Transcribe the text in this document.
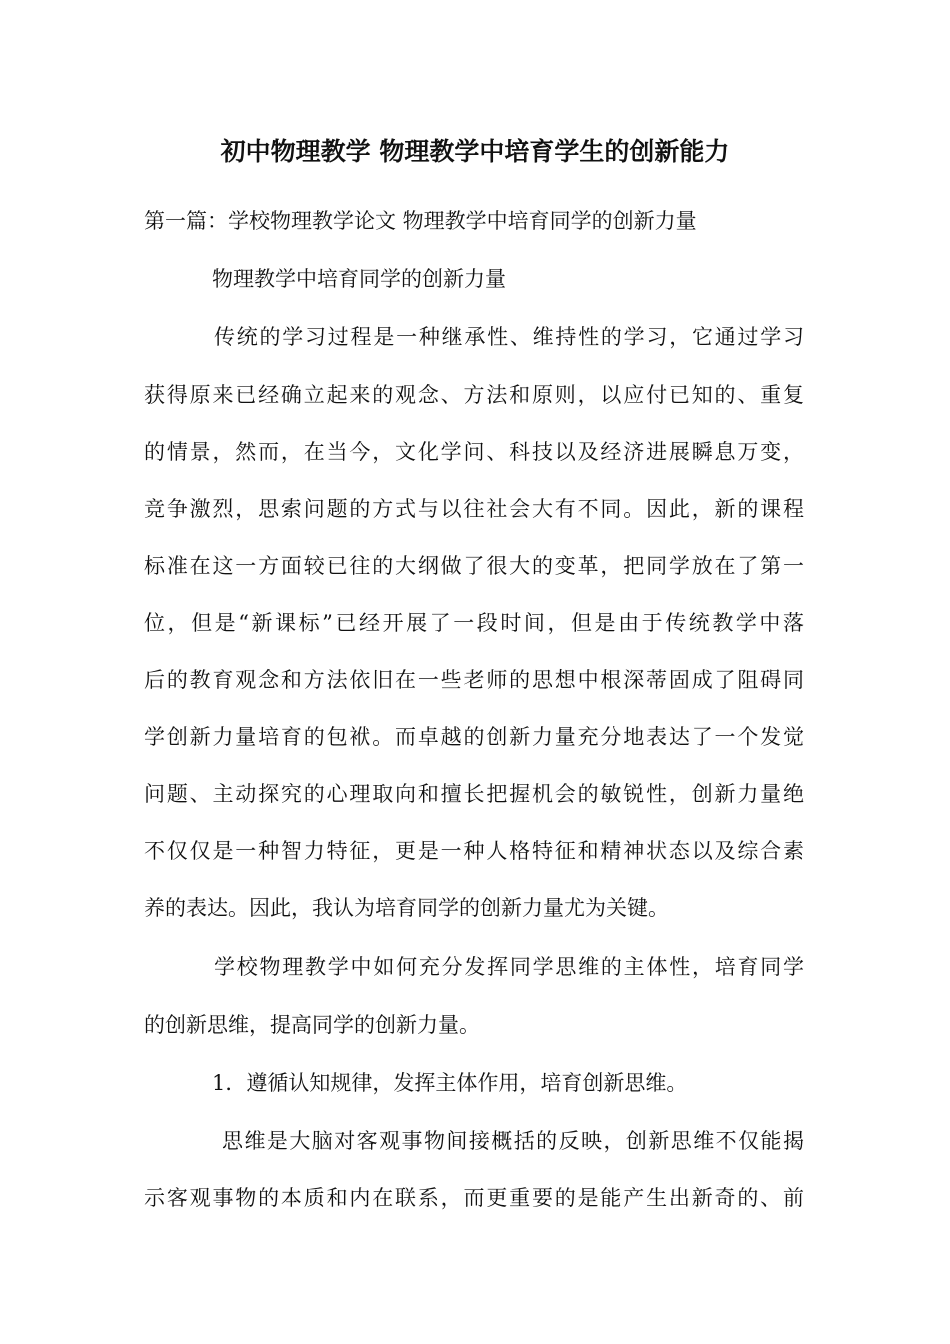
初中物理教学 物理教学中培育学生的创新能力
第一篇：学校物理教学论文 物理教学中培育同学的创新力量
物理教学中培育同学的创新力量
传统的学习过程是一种继承性、维持性的学习，它通过学习
获得原来已经确立起来的观念、方法和原则，以应付已知的、重复
的情景，然而，在当今，文化学问、科技以及经济进展瞬息万变，
竞争激烈，思索问题的方式与以往社会大有不同。因此，新的课程
标准在这一方面较已往的大纲做了很大的变革，把同学放在了第一
位，但是“新课标”已经开展了一段时间，但是由于传统教学中落
后的教育观念和方法依旧在一些老师的思想中根深蒂固成了阻碍同
学创新力量培育的包袱。而卓越的创新力量充分地表达了一个发觉
问题、主动探究的心理取向和擅长把握机会的敏锐性，创新力量绝
不仅仅是一种智力特征，更是一种人格特征和精神状态以及综合素
养的表达。因此，我认为培育同学的创新力量尤为关键。
学校物理教学中如何充分发挥同学思维的主体性，培育同学
的创新思维，提高同学的创新力量。
1．遵循认知规律，发挥主体作用，培育创新思维。
思维是大脑对客观事物间接概括的反映，创新思维不仅能揭
示客观事物的本质和内在联系，而更重要的是能产生出新奇的、前
